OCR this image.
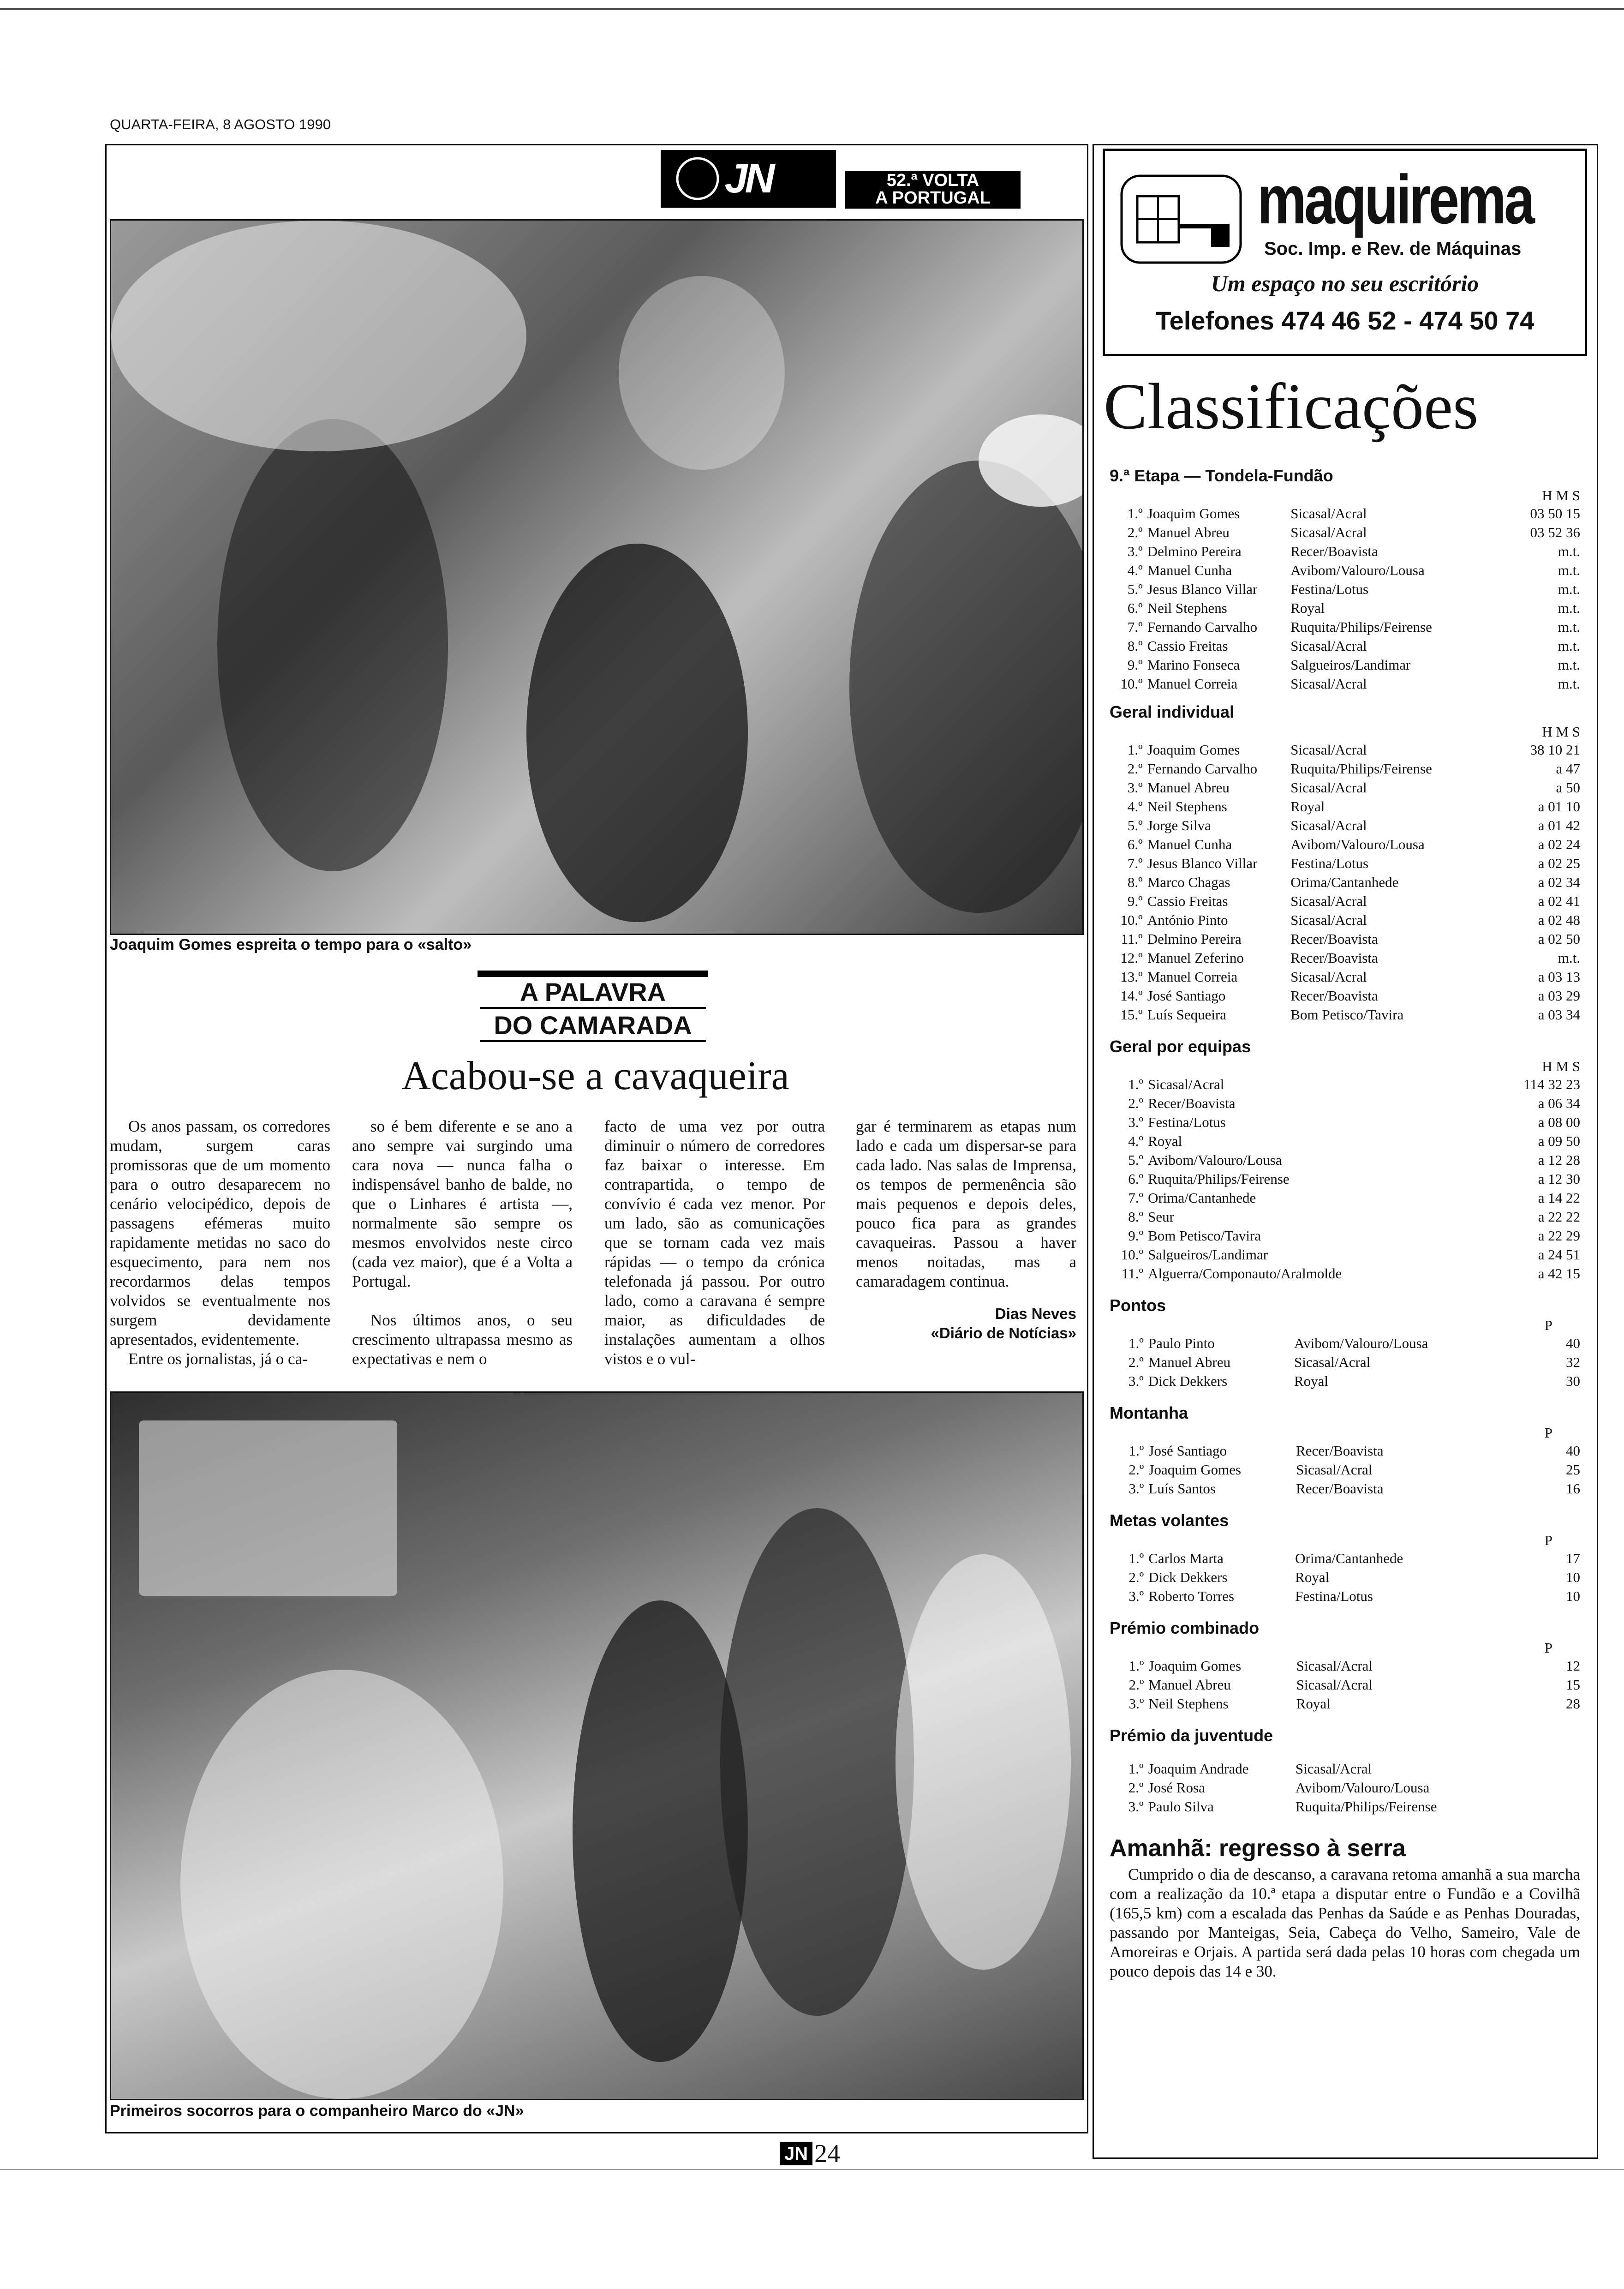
QUARTA-FEIRA, 8 AGOSTO 1990
JN	52.ª VOLTA
A PORTUGAL
Joaquim Gomes espreita o tempo para o «salto»
A PALAVRA
DO CAMARADA
Acabou-se a cavaqueira

Os anos passam, os corredores mudam, surgem caras promissoras que de um momento para o outro desaparecem no cenário velocipédico, depois de passagens efémeras muito rapidamente metidas no saco do esquecimento, para nem nos recordarmos delas tempos volvidos se eventualmente nos surgem devidamente apresentados, evidentemente.

Entre os jornalistas, já o ca-

so é bem diferente e se ano a ano sempre vai surgindo uma cara nova — nunca falha o indispensável banho de balde, no que o Linhares é artista —, normalmente são sempre os mesmos envolvidos neste circo (cada vez maior), que é a Volta a Portugal.

Nos últimos anos, o seu crescimento ultrapassa mesmo as expectativas e nem o

facto de uma vez por outra diminuir o número de corredores faz baixar o interesse. Em contrapartida, o tempo de convívio é cada vez menor. Por um lado, são as comunicações que se tornam cada vez mais rápidas — o tempo da crónica telefonada já passou. Por outro lado, como a caravana é sempre maior, as dificuldades de instalações aumentam a olhos vistos e o vul-

gar é terminarem as etapas num lado e cada um dispersar-se para cada lado. Nas salas de Imprensa, os tempos de permenência são mais pequenos e depois deles, pouco fica para as grandes cavaqueiras. Passou a haver menos noitadas, mas a camaradagem continua.

Dias Neves
«Diário de Notícias»
Primeiros socorros para o companheiro Marco do «JN»
JN 24
maquirema
Soc. Imp. e Rev. de Máquinas
Um espaço no seu escritório
Telefones 474 46 52 - 474 50 74
Classificações
9.ª Etapa — Tondela-Fundão
H M S
1.º	Joaquim Gomes	Sicasal/Acral	03 50 15
2.º	Manuel Abreu	Sicasal/Acral	03 52 36
3.º	Delmino Pereira	Recer/Boavista	m.t.
4.º	Manuel Cunha	Avibom/Valouro/Lousa	m.t.
5.º	Jesus Blanco Villar	Festina/Lotus	m.t.
6.º	Neil Stephens	Royal	m.t.
7.º	Fernando Carvalho	Ruquita/Philips/Feirense	m.t.
8.º	Cassio Freitas	Sicasal/Acral	m.t.
9.º	Marino Fonseca	Salgueiros/Landimar	m.t.
10.º	Manuel Correia	Sicasal/Acral	m.t.
Geral individual
H M S
1.º	Joaquim Gomes	Sicasal/Acral	38 10 21
2.º	Fernando Carvalho	Ruquita/Philips/Feirense	a 47
3.º	Manuel Abreu	Sicasal/Acral	a 50
4.º	Neil Stephens	Royal	a 01 10
5.º	Jorge Silva	Sicasal/Acral	a 01 42
6.º	Manuel Cunha	Avibom/Valouro/Lousa	a 02 24
7.º	Jesus Blanco Villar	Festina/Lotus	a 02 25
8.º	Marco Chagas	Orima/Cantanhede	a 02 34
9.º	Cassio Freitas	Sicasal/Acral	a 02 41
10.º	António Pinto	Sicasal/Acral	a 02 48
11.º	Delmino Pereira	Recer/Boavista	a 02 50
12.º	Manuel Zeferino	Recer/Boavista	m.t.
13.º	Manuel Correia	Sicasal/Acral	a 03 13
14.º	José Santiago	Recer/Boavista	a 03 29
15.º	Luís Sequeira	Bom Petisco/Tavira	a 03 34
Geral por equipas
H M S
1.º	Sicasal/Acral	114 32 23
2.º	Recer/Boavista	a 06 34
3.º	Festina/Lotus	a 08 00
4.º	Royal	a 09 50
5.º	Avibom/Valouro/Lousa	a 12 28
6.º	Ruquita/Philips/Feirense	a 12 30
7.º	Orima/Cantanhede	a 14 22
8.º	Seur	a 22 22
9.º	Bom Petisco/Tavira	a 22 29
10.º	Salgueiros/Landimar	a 24 51
11.º	Alguerra/Componauto/Aralmolde	a 42 15
Pontos
P
1.º	Paulo Pinto	Avibom/Valouro/Lousa	40
2.º	Manuel Abreu	Sicasal/Acral	32
3.º	Dick Dekkers	Royal	30
Montanha
P
1.º	José Santiago	Recer/Boavista	40
2.º	Joaquim Gomes	Sicasal/Acral	25
3.º	Luís Santos	Recer/Boavista	16
Metas volantes
P
1.º	Carlos Marta	Orima/Cantanhede	17
2.º	Dick Dekkers	Royal	10
3.º	Roberto Torres	Festina/Lotus	10
Prémio combinado
P
1.º	Joaquim Gomes	Sicasal/Acral	12
2.º	Manuel Abreu	Sicasal/Acral	15
3.º	Neil Stephens	Royal	28
Prémio da juventude
1.º	Joaquim Andrade	Sicasal/Acral	
2.º	José Rosa	Avibom/Valouro/Lousa	
3.º	Paulo Silva	Ruquita/Philips/Feirense	
Amanhã: regresso à serra
Cumprido o dia de descanso, a caravana retoma amanhã a sua marcha com a realização da 10.ª etapa a disputar entre o Fundão e a Covilhã (165,5 km) com a escalada das Penhas da Saúde e as Penhas Douradas, passando por Manteigas, Seia, Cabeça do Velho, Sameiro, Vale de Amoreiras e Orjais. A partida será dada pelas 10 horas com chegada um pouco depois das 14 e 30.
